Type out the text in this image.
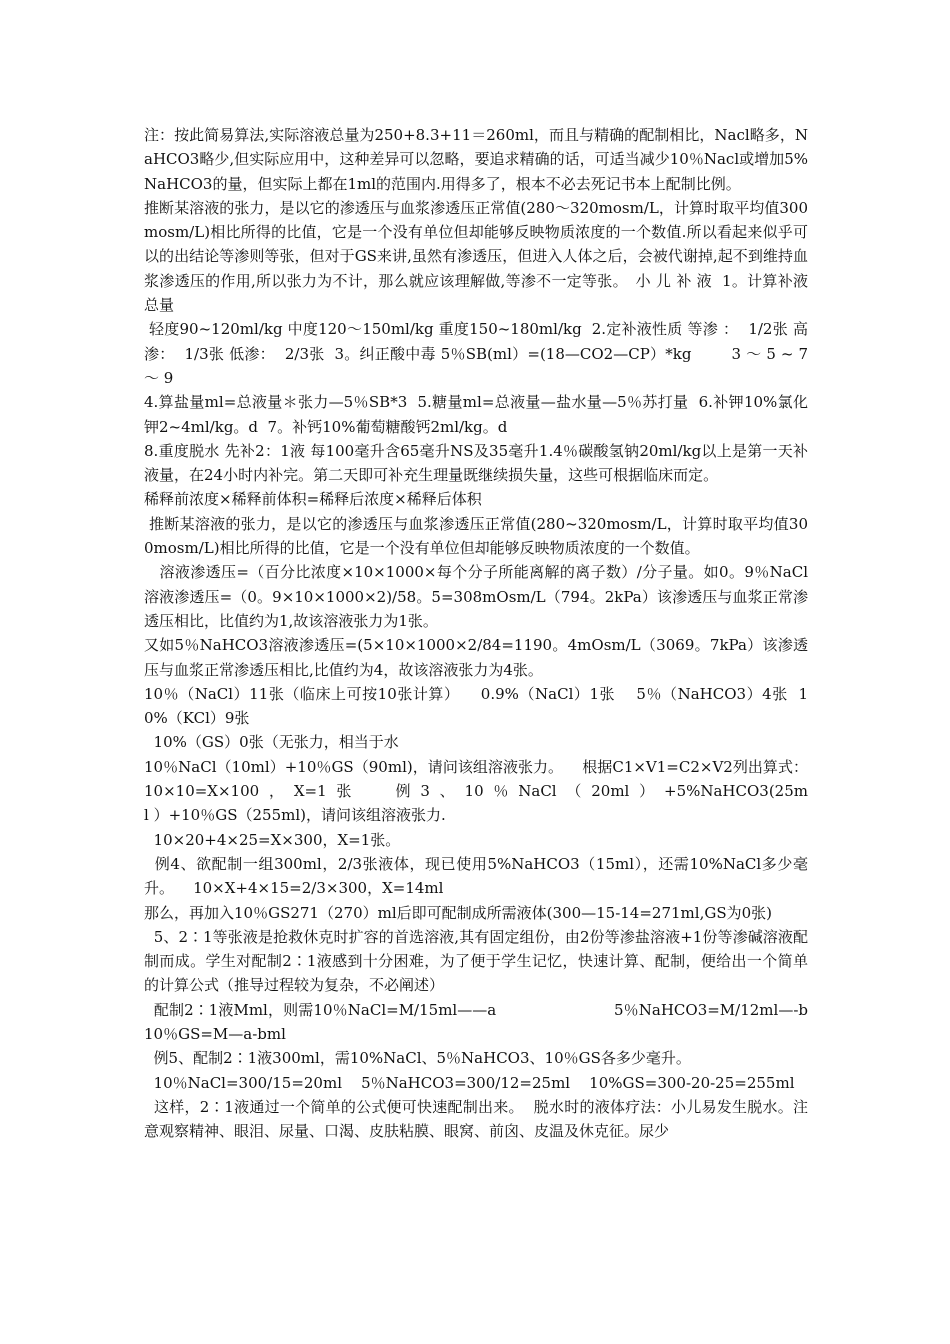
注：按此简易算法,实际溶液总量为250+8.3+11＝260ml，而且与精确的配制相比，Nacl略多，NaHCO3略少,但实际应用中，这种差异可以忽略，要追求精确的话，可适当减少10％Nacl或增加5%NaHCO3的量，但实际上都在1ml的范围内.用得多了，根本不必去死记书本上配制比例。

推断某溶液的张力，是以它的渗透压与血浆渗透压正常值(280～320mosm/L，计算时取平均值300mosm/L)相比所得的比值，它是一个没有单位但却能够反映物质浓度的一个数值.所以看起来似乎可以的出结论等渗则等张，但对于GS来讲,虽然有渗透压，但进入人体之后，会被代谢掉,起不到维持血浆渗透压的作用,所以张力为不计，那么就应该理解做,等渗不一定等张。　小 儿 补 液  1。计算补液总量

轻度90~120ml/kg 中度120～150ml/kg 重度150~180ml/kg  2.定补液性质 等渗 ：  1/2张 高渗：  1/3张 低渗：  2/3张  3。纠正酸中毒 5％SB(ml）=(18—CO2—CP）*kg        3 ～ 5 ~ 7 ～ 9

4.算盐量ml=总液量＊张力—5％SB*3  5.糖量ml=总液量—盐水量—5％苏打量  6.补钾10%氯化钾2~4ml/kg。d  7。补钙10%葡萄糖酸钙2ml/kg。d

8.重度脱水 先补2：1液 每100毫升含65毫升NS及35毫升1.4％碳酸氢钠20ml/kg以上是第一天补液量，在24小时内补完。第二天即可补充生理量既继续损失量，这些可根据临床而定。

稀释前浓度×稀释前体积=稀释后浓度×稀释后体积

推断某溶液的张力，是以它的渗透压与血浆渗透压正常值(280~320mosm/L，计算时取平均值300mosm/L)相比所得的比值，它是一个没有单位但却能够反映物质浓度的一个数值。

溶液渗透压=（百分比浓度×10×1000×每个分子所能离解的离子数）/分子量。如0。9％NaCl溶液渗透压=（0。9×10×1000×2)/58。5=308mOsm/L（794。2kPa）该渗透压与血浆正常渗透压相比，比值约为1,故该溶液张力为1张。

又如5％NaHCO3溶液渗透压=(5×10×1000×2/84=1190。4mOsm/L（3069。7kPa）该渗透压与血浆正常渗透压相比,比值约为4，故该溶液张力为4张。

10％（NaCl）11张（临床上可按10张计算）    0.9%（NaCl）1张    5％（NaHCO3）4张  10%（KCl）9张

10%（GS）0张（无张力，相当于水

10％NaCl（10ml）+10％GS（90ml)，请问该组溶液张力。    根据C1×V1=C2×V2列出算式：10×10=X×100  ，  X=1  张         例  3  、  10  ％  NaCl  （  20ml  ）  +5%NaHCO3(25ml ）+10％GS（255ml)，请问该组溶液张力.

10×20+4×25=X×300，X=1张。

例4、欲配制一组300ml，2/3张液体，现已使用5%NaHCO3（15ml），还需10%NaCl多少毫升。    10×X+4×15=2/3×300，X=14ml

那么，再加入10％GS271（270）ml后即可配制成所需液体(300—15-14=271ml,GS为0张)

5、2∶1等张液是抢救休克时扩容的首选溶液,其有固定组份，由2份等渗盐溶液+1份等渗碱溶液配制而成。学生对配制2∶1液感到十分困难，为了便于学生记忆，快速计算、配制，便给出一个简单的计算公式（推导过程较为复杂，不必阐述）

配制2∶1液Mml，则需10％NaCl=M/15ml——a                        5％NaHCO3=M/12ml—-b   10％GS=M—a-bml

例5、配制2∶1液300ml，需10%NaCl、5％NaHCO3、10％GS各多少毫升。

10％NaCl=300/15=20ml    5％NaHCO3=300/12=25ml    10%GS=300-20-25=255ml

这样，2∶1液通过一个简单的公式便可快速配制出来。  脱水时的液体疗法：小儿易发生脱水。注意观察精神、眼泪、尿量、口渴、皮肤粘膜、眼窝、前囟、皮温及休克征。尿少
